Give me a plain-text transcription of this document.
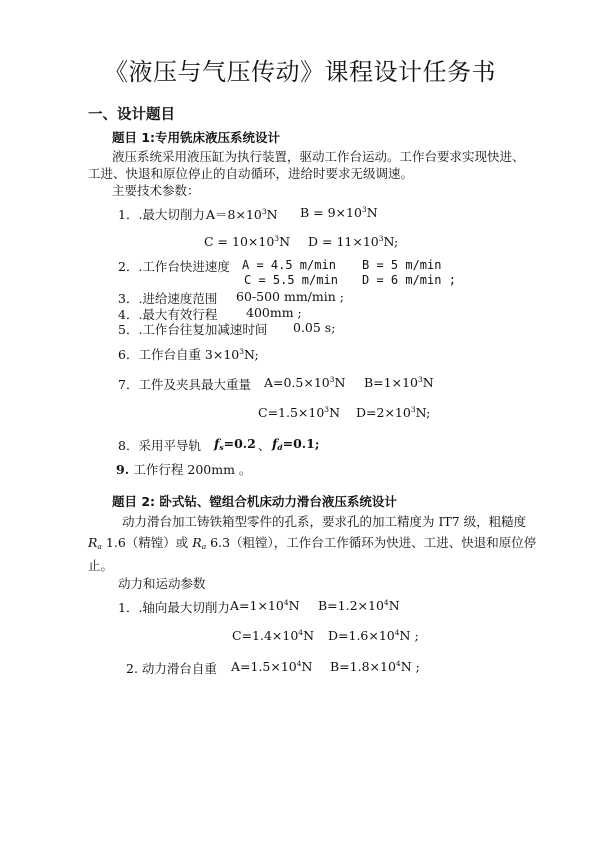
《液压与气压传动》课程设计任务书
一、设计题目
题目 1:专用铣床液压系统设计
液压系统采用液压缸为执行装置，驱动工作台运动。工作台要求实现快进、
工进、快退和原位停止的自动循环，进给时要求无级调速。
主要技术参数：
1．.最大切削力 $A=8\times 10^3N$ $B = 9\times 10^3N$
$C = 10\times 10^3N$ $D = 11\times 10^3N$;
2．.工作台快进速度 A = 4.5 m/min B = 5 m/min
C = 5.5 m/min D = 6 m/min ;
3．.进给速度范围 60-500 mm/min ;
4．.最大有效行程 400mm ;
5．.工作台往复加减速时间 0.05 s;
6．工作台自重 $3\times 10^3N$;
7．工件及夹具最大重量 $A=0.5\times 10^3N$ $B=1\times 10^3N$
$C=1.5\times 10^3N$ $D=2\times 10^3N$;
8．采用平导轨 $f_s=0.2$ 、 $f_d=0.1$;
9. 工作行程 200mm 。
题目 2: 卧式钻、镗组合机床动力滑台液压系统设计
动力滑台加工铸铁箱型零件的孔系，要求孔的加工精度为 IT7 级，粗糙度
$R_a$ 1.6（精镗）或 $R_a$ 6.3（粗镗），工作台工作循环为快进、工进、快退和原位停
止。
动力和运动参数
1．.轴向最大切削力 $A=1\times 10^4N$ $B=1.2\times 10^4N$
$C=1.4\times 10^4N$ $D=1.6\times 10^4N$ ;
2. 动力滑台自重 $A=1.5\times 10^4N$ $B=1.8\times 10^4N$ ;
